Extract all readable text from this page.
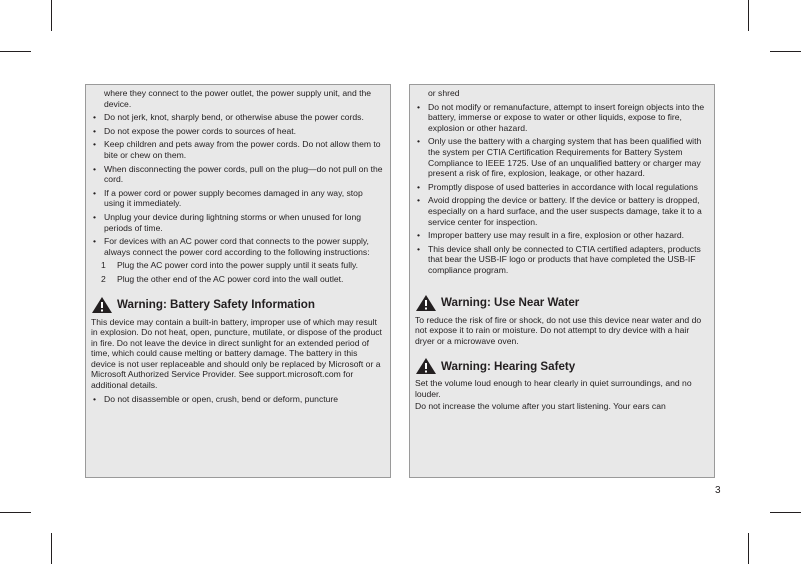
where they connect to the power outlet, the power supply unit, and the device.
• Do not jerk, knot, sharply bend, or otherwise abuse the power cords.
• Do not expose the power cords to sources of heat.
• Keep children and pets away from the power cords. Do not allow them to bite or chew on them.
• When disconnecting the power cords, pull on the plug—do not pull on the cord.
• If a power cord or power supply becomes damaged in any way, stop using it immediately.
• Unplug your device during lightning storms or when unused for long periods of time.
• For devices with an AC power cord that connects to the power supply, always connect the power cord according to the following instructions:
1 Plug the AC power cord into the power supply until it seats fully.
2 Plug the other end of the AC power cord into the wall outlet.
Warning: Battery Safety Information
This device may contain a built-in battery, improper use of which may result in explosion. Do not heat, open, puncture, mutilate, or dispose of the product in fire. Do not leave the device in direct sunlight for an extended period of time, which could cause melting or battery damage. The battery in this device is not user replaceable and should only be replaced by Microsoft or a Microsoft Authorized Service Provider. See support.microsoft.com for additional details.
• Do not disassemble or open, crush, bend or deform, puncture
or shred
• Do not modify or remanufacture, attempt to insert foreign objects into the battery, immerse or expose to water or other liquids, expose to fire, explosion or other hazard.
• Only use the battery with a charging system that has been qualified with the system per CTIA Certification Requirements for Battery System Compliance to IEEE 1725. Use of an unqualified battery or charger may present a risk of fire, explosion, leakage, or other hazard.
• Promptly dispose of used batteries in accordance with local regulations
• Avoid dropping the device or battery. If the device or battery is dropped, especially on a hard surface, and the user suspects damage, take it to a service center for inspection.
• Improper battery use may result in a fire, explosion or other hazard.
• This device shall only be connected to CTIA certified adapters, products that bear the USB-IF logo or products that have completed the USB-IF compliance program.
Warning: Use Near Water
To reduce the risk of fire or shock, do not use this device near water and do not expose it to rain or moisture. Do not attempt to dry device with a hair dryer or a microwave oven.
Warning: Hearing Safety
Set the volume loud enough to hear clearly in quiet surroundings, and no louder.
Do not increase the volume after you start listening. Your ears can
3
